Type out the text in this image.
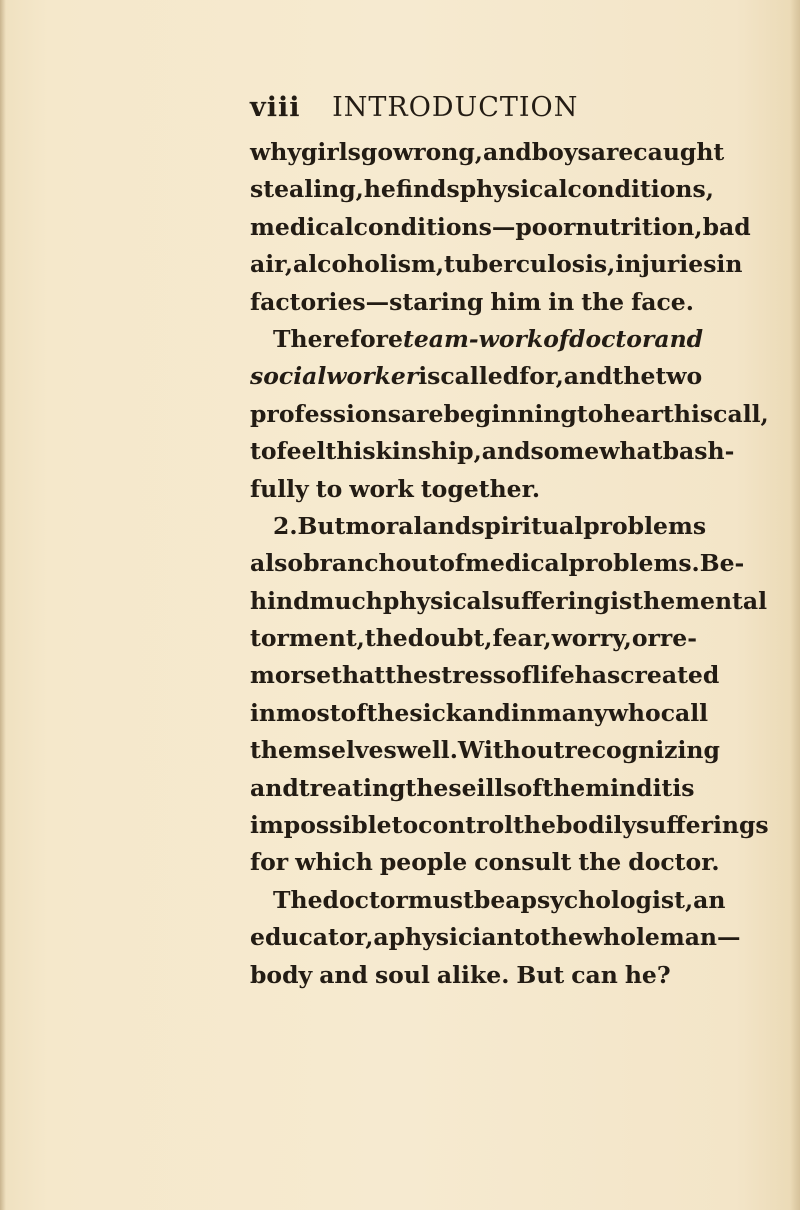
viii INTRODUCTION
why girls go wrong, and boys are caught
stealing, he finds physical conditions,
medical conditions—poor nutrition, bad
air, alcoholism, tuberculosis, injuries in
factories—staring him in the face.
Therefore team-work of doctor and
social worker is called for, and the two
professions are beginning to hear this call,
to feel this kinship, and somewhat bash-
fully to work together.
2. But moral and spiritual problems
also branch out of medical problems. Be-
hind much physical suffering is the mental
torment, the doubt, fear, worry, or re-
morse that the stress of life has created
in most of the sick and in many who call
themselves well. Without recognizing
and treating these ills of the mind it is
impossible to control the bodily sufferings
for which people consult the doctor.
The doctor must be a psychologist, an
educator, a physician to the whole man—
body and soul alike. But can he?
